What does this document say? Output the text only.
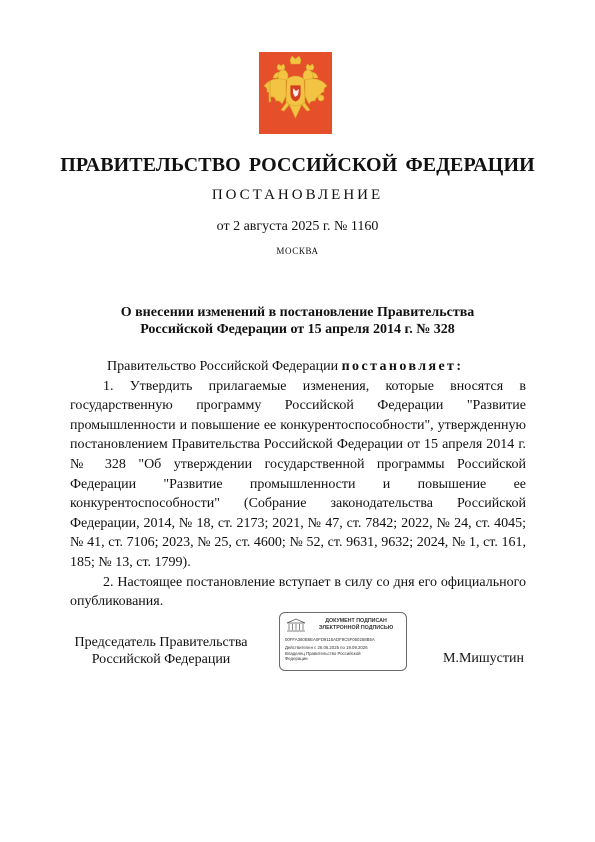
ПРАВИТЕЛЬСТВО РОССИЙСКОЙ ФЕДЕРАЦИИ
ПОСТАНОВЛЕНИЕ
от 2 августа 2025 г. № 1160
МОСКВА
О внесении изменений в постановление Правительства
Российской Федерации от 15 апреля 2014 г. № 328

Правительство Российской Федерации постановляет:

1. Утвердить прилагаемые изменения, которые вносятся в государственную программу Российской Федерации "Развитие промышленности и повышение ее конкурентоспособности", утвержденную постановлением Правительства Российской Федерации от 15 апреля 2014 г. № 328 "Об утверждении государственной программы Российской Федерации "Развитие промышленности и повышение ее конкурентоспособности" (Собрание законодательства Российской Федерации, 2014, № 18, ст. 2173; 2021, № 47, ст. 7842; 2022, № 24, ст. 4045; № 41, ст. 7106; 2023, № 25, ст. 4600; № 52, ст. 9631, 9632; 2024, № 1, ст. 161, 185; № 13, ст. 1799).

2. Настоящее постановление вступает в силу со дня его официального опубликования.

Председатель Правительства
Российской Федерации
ДОКУМЕНТ ПОДПИСАН
ЭЛЕКТРОННОЙ ПОДПИСЬЮ
00FFA360B6EA0FD9115ADF9C5F050258B5A
Действителен с 26.06.2025 по 19.09.2026
Владелец Правительство Российской
Федерации	М.Мишустин
